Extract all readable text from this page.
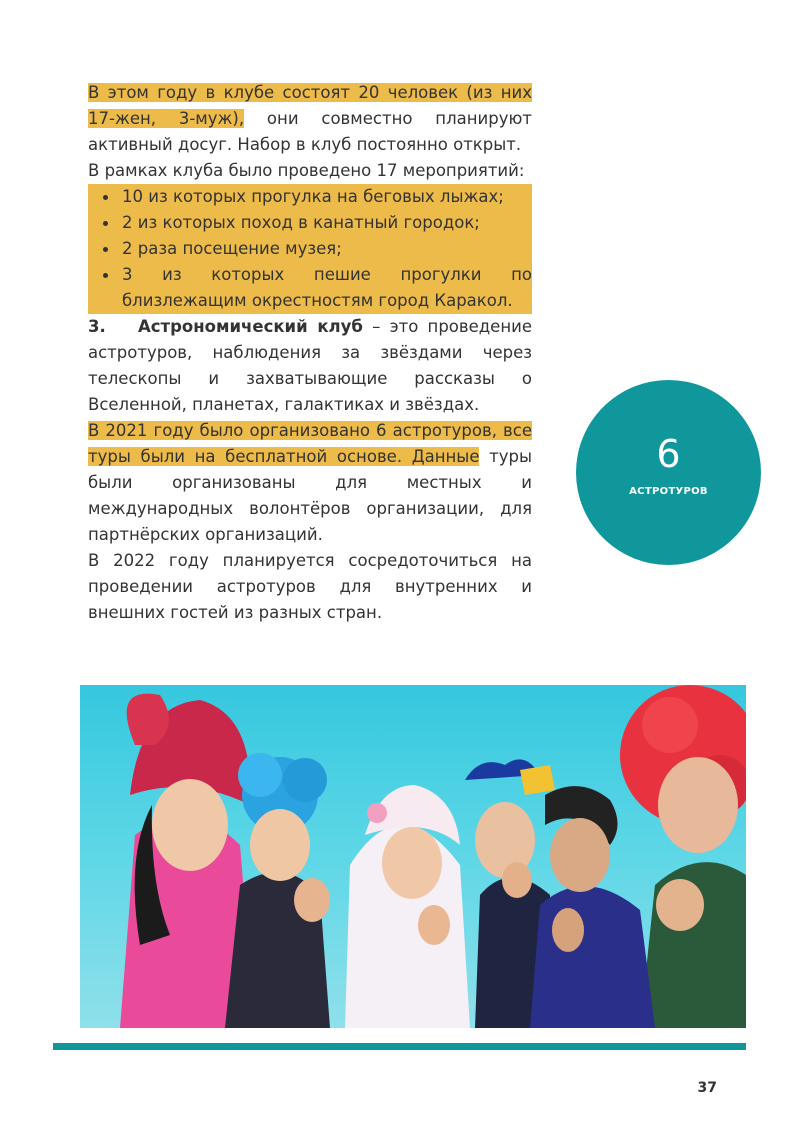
В этом году в клубе состоят 20 человек (из них 17-жен, 3-муж), они совместно планируют активный досуг. Набор в клуб постоянно открыт.

В рамках клуба было проведено 17 мероприятий:

10 из которых прогулка на беговых лыжах;
2 из которых поход в канатный городок;
2 раза посещение музея;
3 из которых пешие прогулки по близлежащим окрестностям город Каракол.

3. Астрономический клуб – это проведение астротуров, наблюдения за звёздами через телескопы и захватывающие рассказы о Вселенной, планетах, галактиках и звёздах.

В 2021 году было организовано 6 астротуров, все туры были на бесплатной основе. Данные туры были организованы для местных и международных волонтёров организации, для партнёрских организаций.

В 2022 году планируется сосредоточиться на проведении астротуров для внутренних и внешних гостей из разных стран.

6
АСТРОТУРОВ
37
